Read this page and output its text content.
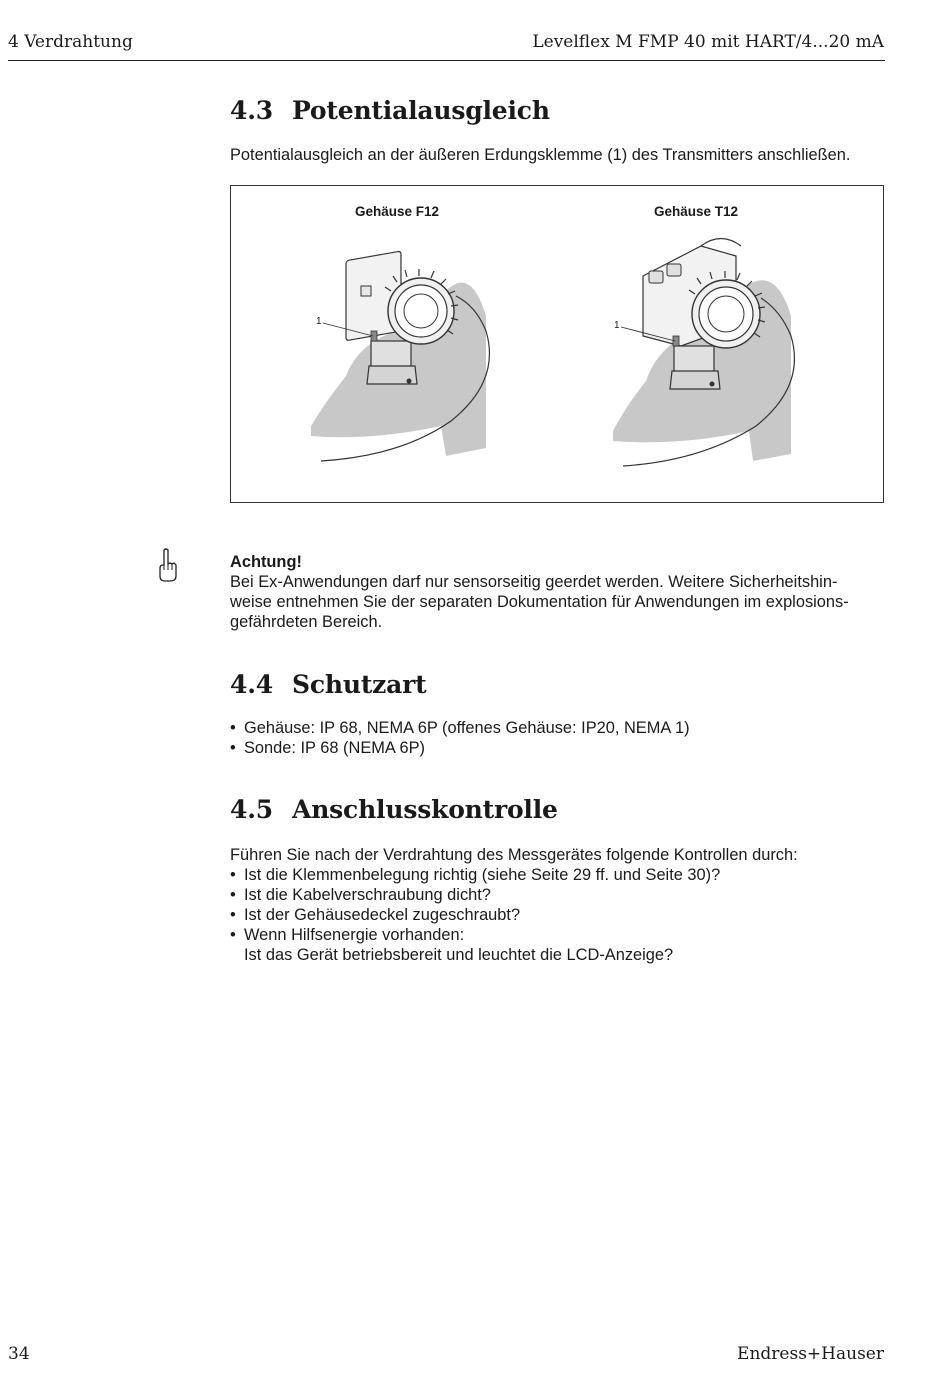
4 Verdrahtung	Levelflex M FMP 40 mit HART/4...20 mA
4.3 Potentialausgleich
Potentialausgleich an der äußeren Erdungsklemme (1) des Transmitters anschließen.
Gehäuse F12	Gehäuse T12
1	1
Achtung!
Bei Ex-Anwendungen darf nur sensorseitig geerdet werden. Weitere Sicherheitshin-
weise entnehmen Sie der separaten Dokumentation für Anwendungen im explosions-
gefährdeten Bereich.
4.4 Schutzart
• Gehäuse: IP 68, NEMA 6P (offenes Gehäuse: IP20, NEMA 1)
• Sonde: IP 68 (NEMA 6P)
4.5 Anschlusskontrolle
Führen Sie nach der Verdrahtung des Messgerätes folgende Kontrollen durch:
• Ist die Klemmenbelegung richtig (siehe Seite 29 ff. und Seite 30)?
• Ist die Kabelverschraubung dicht?
• Ist der Gehäusedeckel zugeschraubt?
• Wenn Hilfsenergie vorhanden:
Ist das Gerät betriebsbereit und leuchtet die LCD-Anzeige?
34	Endress+Hauser
